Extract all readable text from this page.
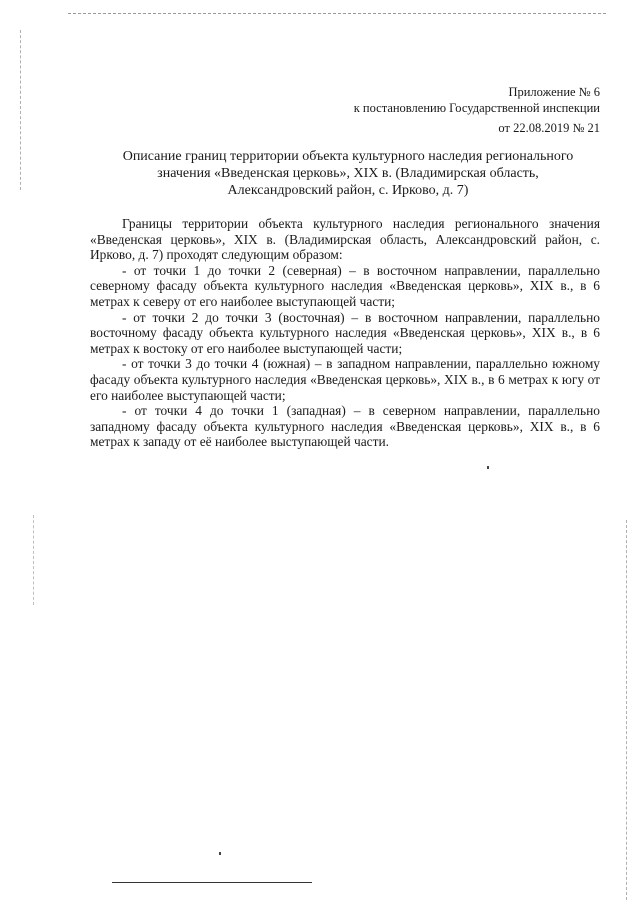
Приложение № 6
к постановлению Государственной инспекции
от 22.08.2019 № 21
Описание границ территории объекта культурного наследия регионального
значения «Введенская церковь», XIX в. (Владимирская область,
Александровский район, с. Ирково, д. 7)

Границы территории объекта культурного наследия регионального значения «Введенская церковь», XIX в. (Владимирская область, Александровский район, с. Ирково, д. 7) проходят следующим образом:

- от точки 1 до точки 2 (северная) – в восточном направлении, параллельно северному фасаду объекта культурного наследия «Введенская церковь», XIX в., в 6 метрах к северу от его наиболее выступающей части;

- от точки 2 до точки 3 (восточная) – в восточном направлении, параллельно восточному фасаду объекта культурного наследия «Введенская церковь», XIX в., в 6 метрах к востоку от его наиболее выступающей части;

- от точки 3 до точки 4 (южная) – в западном направлении, параллельно южному фасаду объекта культурного наследия «Введенская церковь», XIX в., в 6 метрах к югу от его наиболее выступающей части;

- от точки 4 до точки 1 (западная) – в северном направлении, параллельно западному фасаду объекта культурного наследия «Введенская церковь», XIX в., в 6 метрах к западу от её наиболее выступающей части.
